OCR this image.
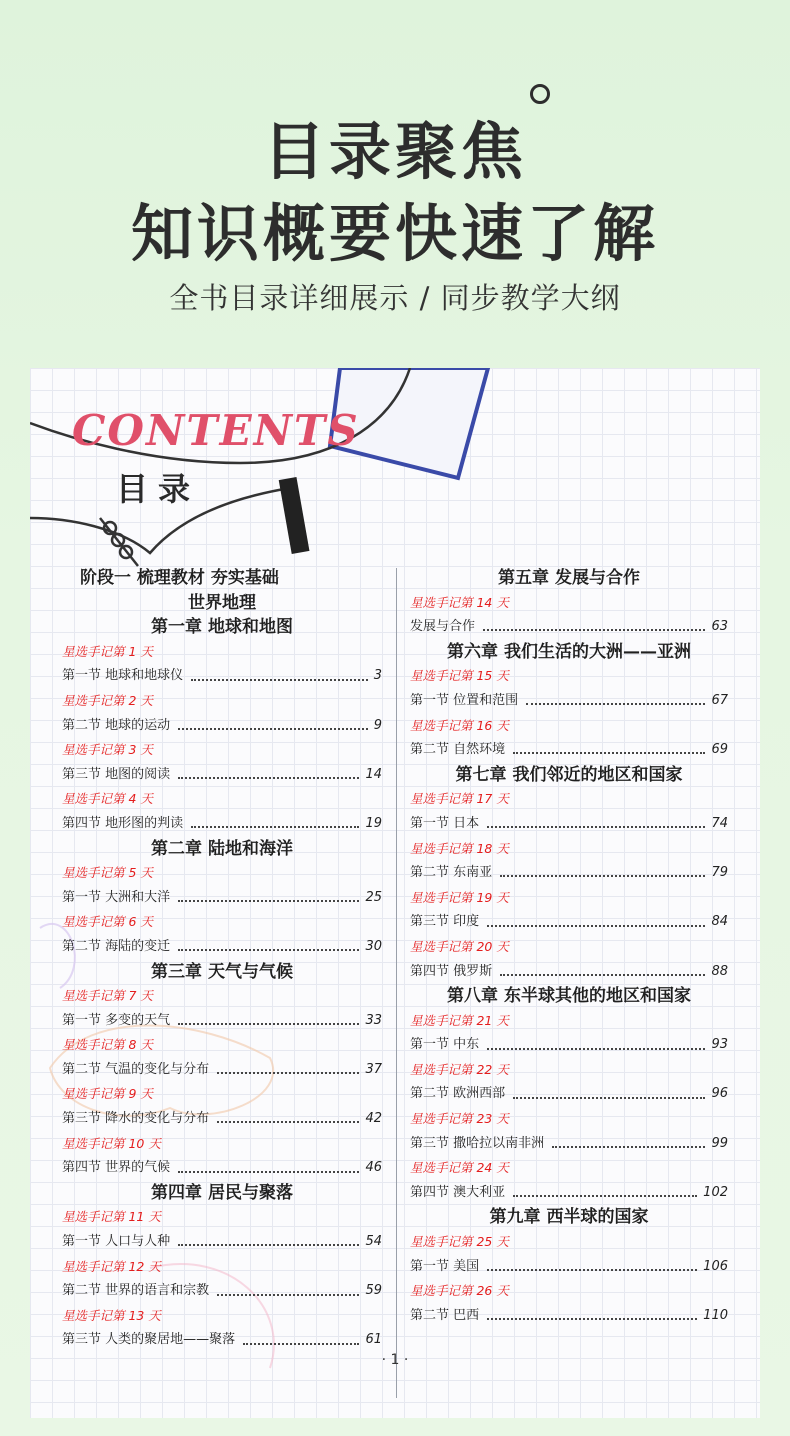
目录聚焦
知识概要快速了解
全书目录详细展示 / 同步教学大纲
CONTENTS
目录
阶段一 梳理教材 夯实基础
世界地理
第一章 地球和地图
星选手记第 1 天
第一节 地球和地球仪	3
星选手记第 2 天
第二节 地球的运动	9
星选手记第 3 天
第三节 地图的阅读	14
星选手记第 4 天
第四节 地形图的判读	19
第二章 陆地和海洋
星选手记第 5 天
第一节 大洲和大洋	25
星选手记第 6 天
第二节 海陆的变迁	30
第三章 天气与气候
星选手记第 7 天
第一节 多变的天气	33
星选手记第 8 天
第二节 气温的变化与分布	37
星选手记第 9 天
第三节 降水的变化与分布	42
星选手记第 10 天
第四节 世界的气候	46
第四章 居民与聚落
星选手记第 11 天
第一节 人口与人种	54
星选手记第 12 天
第二节 世界的语言和宗教	59
星选手记第 13 天
第三节 人类的聚居地——聚落	61
第五章 发展与合作
星选手记第 14 天
发展与合作	63
第六章 我们生活的大洲——亚洲
星选手记第 15 天
第一节 位置和范围	67
星选手记第 16 天
第二节 自然环境	69
第七章 我们邻近的地区和国家
星选手记第 17 天
第一节 日本	74
星选手记第 18 天
第二节 东南亚	79
星选手记第 19 天
第三节 印度	84
星选手记第 20 天
第四节 俄罗斯	88
第八章 东半球其他的地区和国家
星选手记第 21 天
第一节 中东	93
星选手记第 22 天
第二节 欧洲西部	96
星选手记第 23 天
第三节 撒哈拉以南非洲	99
星选手记第 24 天
第四节 澳大利亚	102
第九章 西半球的国家
星选手记第 25 天
第一节 美国	106
星选手记第 26 天
第二节 巴西	110
· 1 ·
